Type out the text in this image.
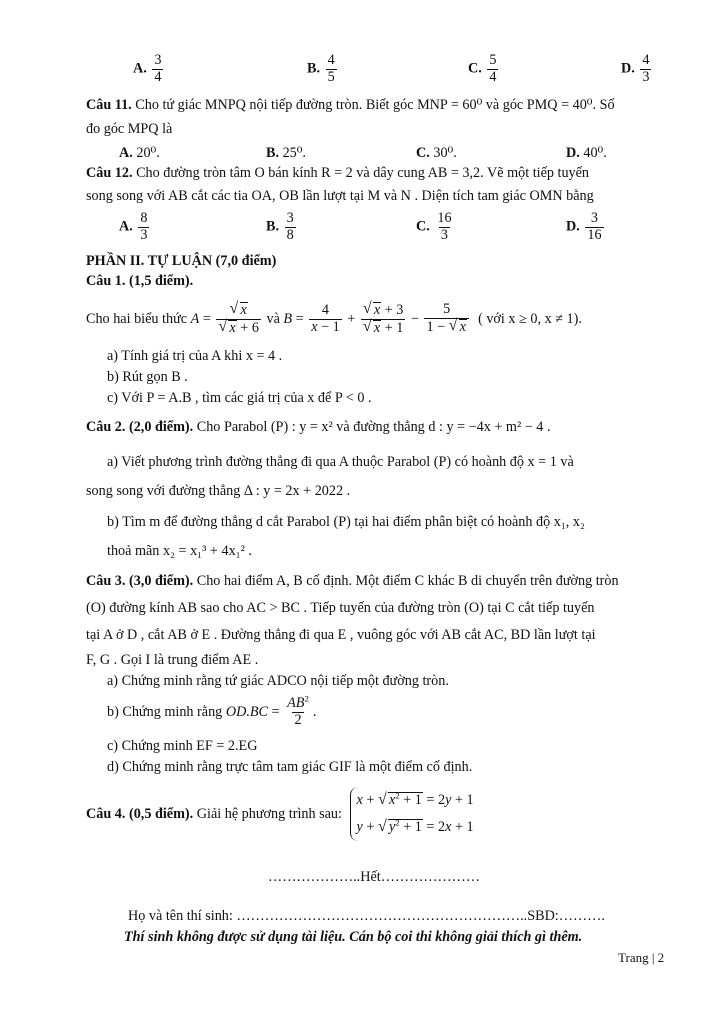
A. $\frac{3}{4}$	B. $\frac{4}{5}$	C. $\frac{5}{4}$	D. $\frac{4}{3}$
Câu 11. Cho tứ giác MNPQ nội tiếp đường tròn. Biết góc MNP = 60⁰ và góc PMQ = 40⁰. Số
đo góc MPQ là
A. 20⁰.	B. 25⁰.	C. 30⁰.	D. 40⁰.
Câu 12. Cho đường tròn tâm O bán kính R = 2 và dây cung AB = 3,2. Vẽ một tiếp tuyến
song song với AB cắt các tia OA, OB lần lượt tại M và N . Diện tích tam giác OMN bằng
A. $\frac{8}{3}$	B. $\frac{3}{8}$	C. $\frac{16}{3}$	D. $\frac{3}{16}$
PHẦN II. TỰ LUẬN (7,0 điểm)
Câu 1. (1,5 điểm).
Cho hai biểu thức
A = √ x
√ x + 6
và
$B = \frac{4}{x - 1}$ + √ x + 3
√ $x + 1 - \frac{5}{1 - √ x}$
( với x ≥ 0, x ≠ 1).
a) Tính giá trị của A khi x = 4 .
b) Rút gọn B .
c) Với P = A.B , tìm các giá trị của x để P < 0 .
Câu 2. (2,0 điểm). Cho Parabol (P) : y = x² và đường thẳng d : y = −4x + m² − 4 .
a) Viết phương trình đường thẳng đi qua A thuộc Parabol (P) có hoành độ x = 1 và
song song với đường thẳng Δ : y = 2x + 2022 .
b) Tìm m để đường thẳng d cắt Parabol (P) tại hai điểm phân biệt có hoành độ x₁, x₂
thoả mãn x₂ = x₁³ + 4x₁² .
Câu 3. (3,0 điểm). Cho hai điểm A, B cố định. Một điểm C khác B di chuyển trên đường tròn
(O) đường kính AB sao cho AC > BC . Tiếp tuyến của đường tròn (O) tại C cắt tiếp tuyến
tại A ở D , cắt AB ở E . Đường thẳng đi qua E , vuông góc với AB cắt AC, BD lần lượt tại
F, G . Gọi I là trung điểm AE .
a) Chứng minh rằng tứ giác ADCO nội tiếp một đường tròn.
b) Chứng minh rằng
$OD.BC = \frac{AB^2}{2}$ .
c) Chứng minh EF = 2.EG
d) Chứng minh rằng trực tâm tam giác GIF là một điểm cố định.
Câu 4. (0,5 điểm).
Giải hệ phương trình sau:

x + √ $x^2 + 1 = 2y + 1$
y + √ $y^2 + 1 = 2x + 1$
………………..Hết…………………
Họ và tên thí sinh: ……………………………………………………..SBD:……….
Thí sinh không được sử dụng tài liệu. Cán bộ coi thi không giải thích gì thêm.
Trang | 2
